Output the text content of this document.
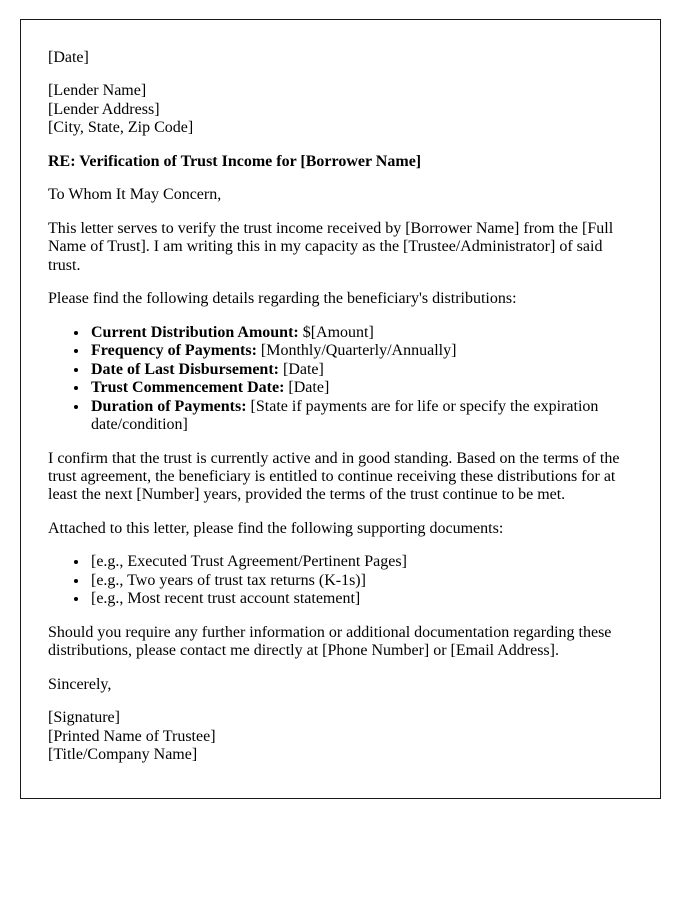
[Date]

[Lender Name]
[Lender Address]
[City, State, Zip Code]

RE: Verification of Trust Income for [Borrower Name]

To Whom It May Concern,

This letter serves to verify the trust income received by [Borrower Name] from the [Full Name of Trust]. I am writing this in my capacity as the [Trustee/Administrator] of said trust.

Please find the following details regarding the beneficiary's distributions:

• Current Distribution Amount: $[Amount]
• Frequency of Payments: [Monthly/Quarterly/Annually]
• Date of Last Disbursement: [Date]
• Trust Commencement Date: [Date]
• Duration of Payments: [State if payments are for life or specify the expiration date/condition]

I confirm that the trust is currently active and in good standing. Based on the terms of the trust agreement, the beneficiary is entitled to continue receiving these distributions for at least the next [Number] years, provided the terms of the trust continue to be met.

Attached to this letter, please find the following supporting documents:

• [e.g., Executed Trust Agreement/Pertinent Pages]
• [e.g., Two years of trust tax returns (K-1s)]
• [e.g., Most recent trust account statement]

Should you require any further information or additional documentation regarding these distributions, please contact me directly at [Phone Number] or [Email Address].

Sincerely,

[Signature]
[Printed Name of Trustee]
[Title/Company Name]
